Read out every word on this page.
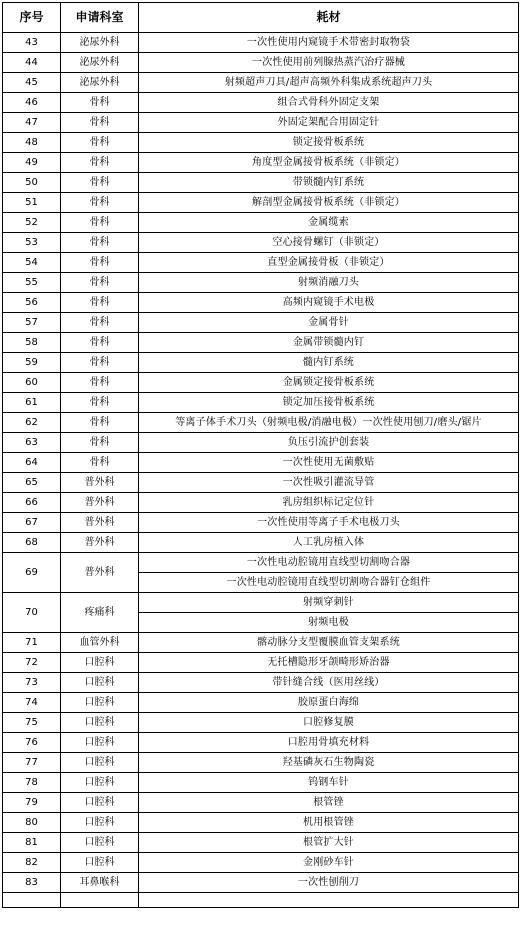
序号	申请科室	耗材
43	泌尿外科	一次性使用内窥镜手术带密封取物袋
44	泌尿外科	一次性使用前列腺热蒸汽治疗器械
45	泌尿外科	射频超声刀具/超声高频外科集成系统超声刀头
46	骨科	组合式骨科外固定支架
47	骨科	外固定架配合用固定针
48	骨科	锁定接骨板系统
49	骨科	角度型金属接骨板系统（非锁定）
50	骨科	带锁髓内钉系统
51	骨科	解剖型金属接骨板系统（非锁定）
52	骨科	金属缆索
53	骨科	空心接骨螺钉（非锁定）
54	骨科	直型金属接骨板（非锁定）
55	骨科	射频消融刀头
56	骨科	高频内窥镜手术电极
57	骨科	金属骨针
58	骨科	金属带锁髓内钉
59	骨科	髓内钉系统
60	骨科	金属锁定接骨板系统
61	骨科	锁定加压接骨板系统
62	骨科	等离子体手术刀头（射频电极/消融电极）一次性使用刨刀/磨头/锯片
63	骨科	负压引流护创套装
64	骨科	一次性使用无菌敷贴
65	普外科	一次性吸引灌流导管
66	普外科	乳房组织标记定位针
67	普外科	一次性使用等离子手术电极刀头
68	普外科	人工乳房植入体
69	普外科	一次性电动腔镜用直线型切割吻合器
		一次性电动腔镜用直线型切割吻合器钉仓组件
70	疼痛科	射频穿刺针
		射频电极
71	血管外科	髂动脉分支型覆膜血管支架系统
72	口腔科	无托槽隐形牙颌畸形矫治器
73	口腔科	带针缝合线（医用丝线）
74	口腔科	胶原蛋白海绵
75	口腔科	口腔修复膜
76	口腔科	口腔用骨填充材料
77	口腔科	羟基磷灰石生物陶瓷
78	口腔科	钨钢车针
79	口腔科	根管锉
80	口腔科	机用根管锉
81	口腔科	根管扩大针
82	口腔科	金刚砂车针
83	耳鼻喉科	一次性刨削刀
